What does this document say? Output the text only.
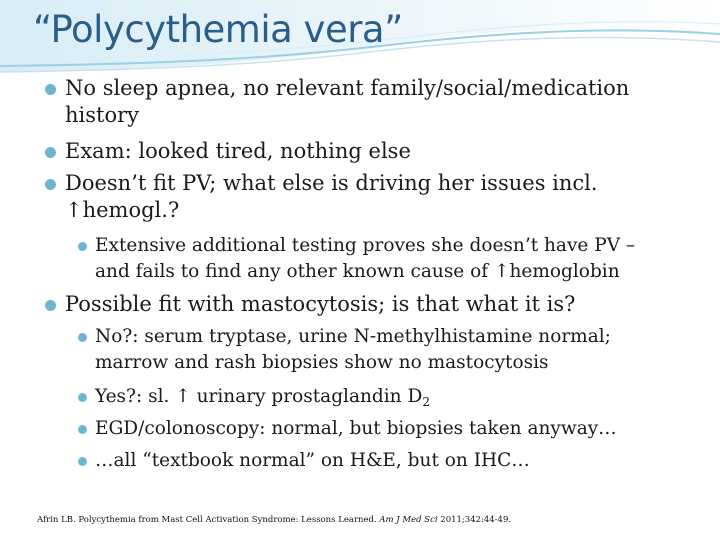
“Polycythemia vera”
No sleep apnea, no relevant family/social/medication history
Exam: looked tired, nothing else
Doesn’t fit PV; what else is driving her issues incl.
↑hemogl.?
Extensive additional testing proves she doesn’t have PV –
and fails to find any other known cause of ↑hemoglobin
Possible fit with mastocytosis; is that what it is?
No?: serum tryptase, urine N-methylhistamine normal;
marrow and rash biopsies show no mastocytosis
Yes?: sl. ↑ urinary prostaglandin $D_2$
EGD/colonoscopy: normal, but biopsies taken anyway…
…all “textbook normal” on H&E, but on IHC…
Afrin LB. Polycythemia from Mast Cell Activation Syndrome: Lessons Learned. Am J Med Sci 2011;342:44-49.
